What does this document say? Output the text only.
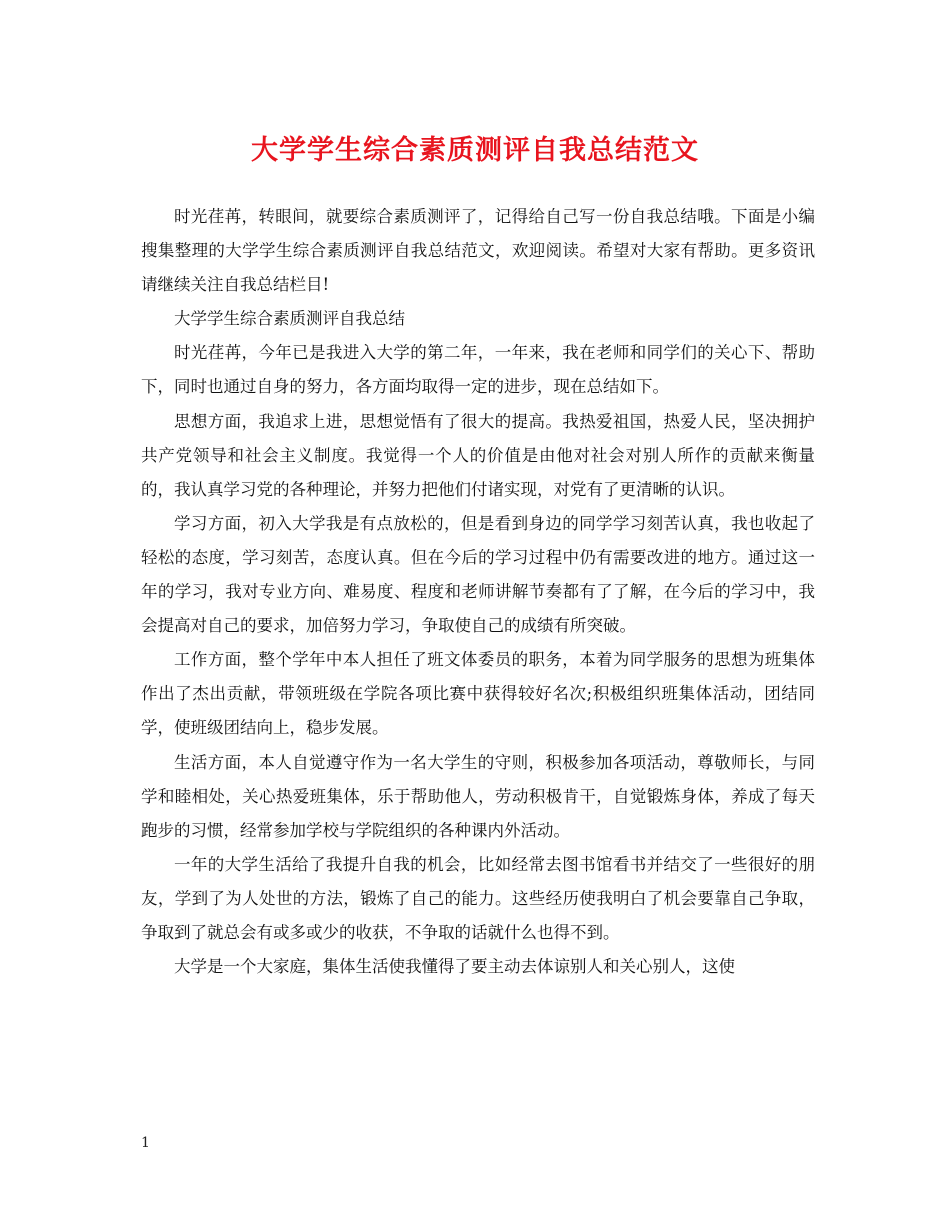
大学学生综合素质测评自我总结范文

时光荏苒，转眼间，就要综合素质测评了，记得给自己写一份自我总结哦。下面是小编搜集整理的大学学生综合素质测评自我总结范文，欢迎阅读。希望对大家有帮助。更多资讯请继续关注自我总结栏目!

大学学生综合素质测评自我总结

时光荏苒，今年已是我进入大学的第二年，一年来，我在老师和同学们的关心下、帮助下，同时也通过自身的努力，各方面均取得一定的进步，现在总结如下。

思想方面，我追求上进，思想觉悟有了很大的提高。我热爱祖国，热爱人民，坚决拥护共产党领导和社会主义制度。我觉得一个人的价值是由他对社会对别人所作的贡献来衡量的，我认真学习党的各种理论，并努力把他们付诸实现，对党有了更清晰的认识。

学习方面，初入大学我是有点放松的，但是看到身边的同学学习刻苦认真，我也收起了轻松的态度，学习刻苦，态度认真。但在今后的学习过程中仍有需要改进的地方。通过这一年的学习，我对专业方向、难易度、程度和老师讲解节奏都有了了解，在今后的学习中，我会提高对自己的要求，加倍努力学习，争取使自己的成绩有所突破。

工作方面，整个学年中本人担任了班文体委员的职务，本着为同学服务的思想为班集体作出了杰出贡献，带领班级在学院各项比赛中获得较好名次;积极组织班集体活动，团结同学，使班级团结向上，稳步发展。

生活方面，本人自觉遵守作为一名大学生的守则，积极参加各项活动，尊敬师长，与同学和睦相处，关心热爱班集体，乐于帮助他人，劳动积极肯干，自觉锻炼身体，养成了每天跑步的习惯，经常参加学校与学院组织的各种课内外活动。

一年的大学生活给了我提升自我的机会，比如经常去图书馆看书并结交了一些很好的朋友，学到了为人处世的方法，锻炼了自己的能力。这些经历使我明白了机会要靠自己争取，争取到了就总会有或多或少的收获，不争取的话就什么也得不到。

大学是一个大家庭，集体生活使我懂得了要主动去体谅别人和关心别人，这使

1
